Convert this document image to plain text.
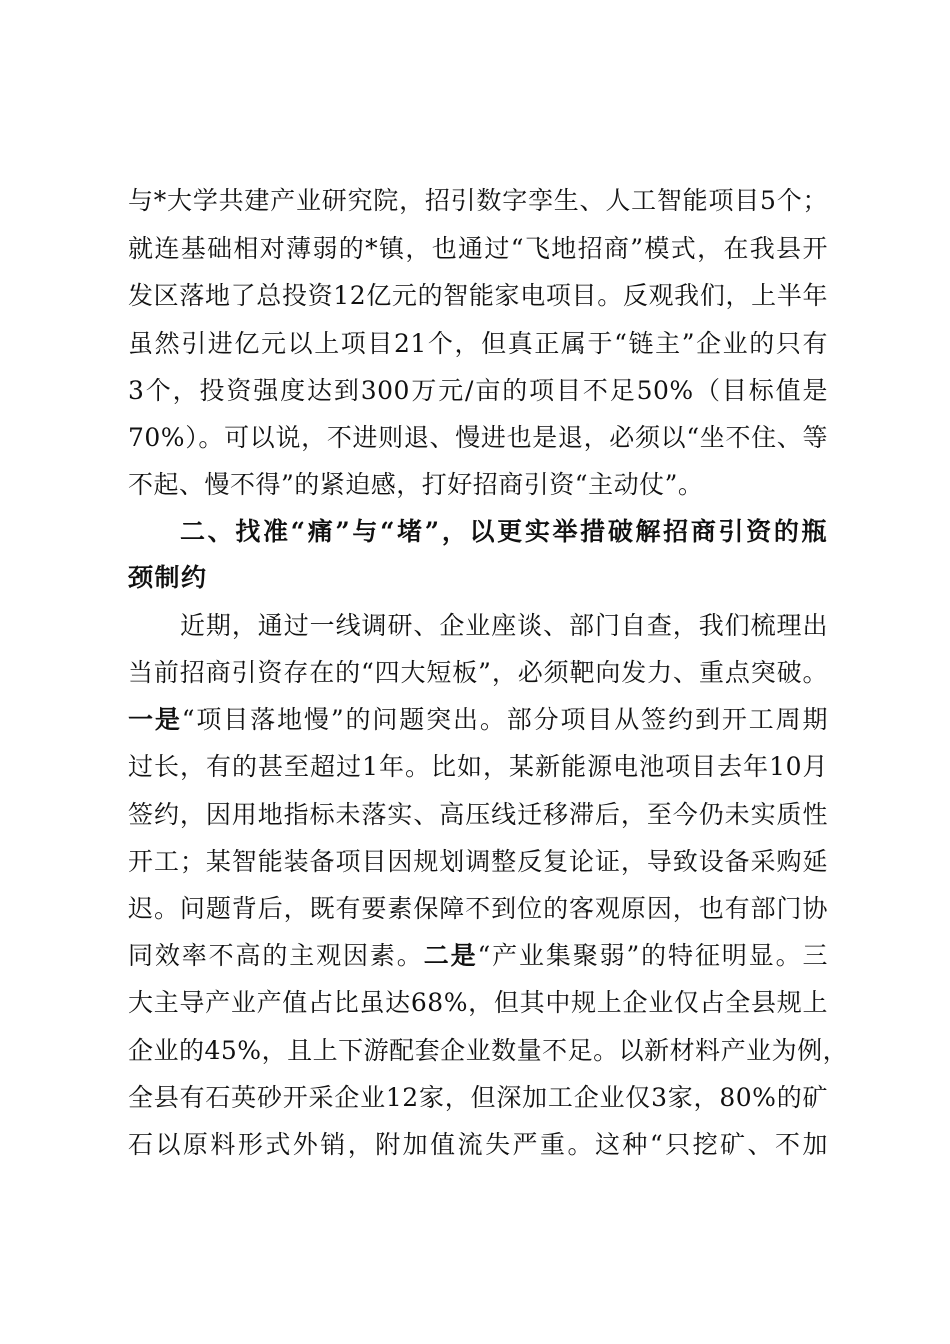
与*大学共建产业研究院，招引数字孪生、人工智能项目5个；
就连基础相对薄弱的*镇，也通过“飞地招商”模式，在我县开
发区落地了总投资12亿元的智能家电项目。反观我们，上半年
虽然引进亿元以上项目21个，但真正属于“链主”企业的只有
3个，投资强度达到300万元/亩的项目不足50%（目标值是
70%）。可以说，不进则退、慢进也是退，必须以“坐不住、等
不起、慢不得”的紧迫感，打好招商引资“主动仗”。
二、找准“痛”与“堵”，以更实举措破解招商引资的瓶
颈制约
近期，通过一线调研、企业座谈、部门自查，我们梳理出
当前招商引资存在的“四大短板”，必须靶向发力、重点突破。
一是“项目落地慢”的问题突出。部分项目从签约到开工周期
过长，有的甚至超过1年。比如，某新能源电池项目去年10月
签约，因用地指标未落实、高压线迁移滞后，至今仍未实质性
开工；某智能装备项目因规划调整反复论证，导致设备采购延
迟。问题背后，既有要素保障不到位的客观原因，也有部门协
同效率不高的主观因素。二是“产业集聚弱”的特征明显。三
大主导产业产值占比虽达68%，但其中规上企业仅占全县规上
企业的45%，且上下游配套企业数量不足。以新材料产业为例，
全县有石英砂开采企业12家，但深加工企业仅3家，80%的矿
石以原料形式外销，附加值流失严重。这种“只挖矿、不加
